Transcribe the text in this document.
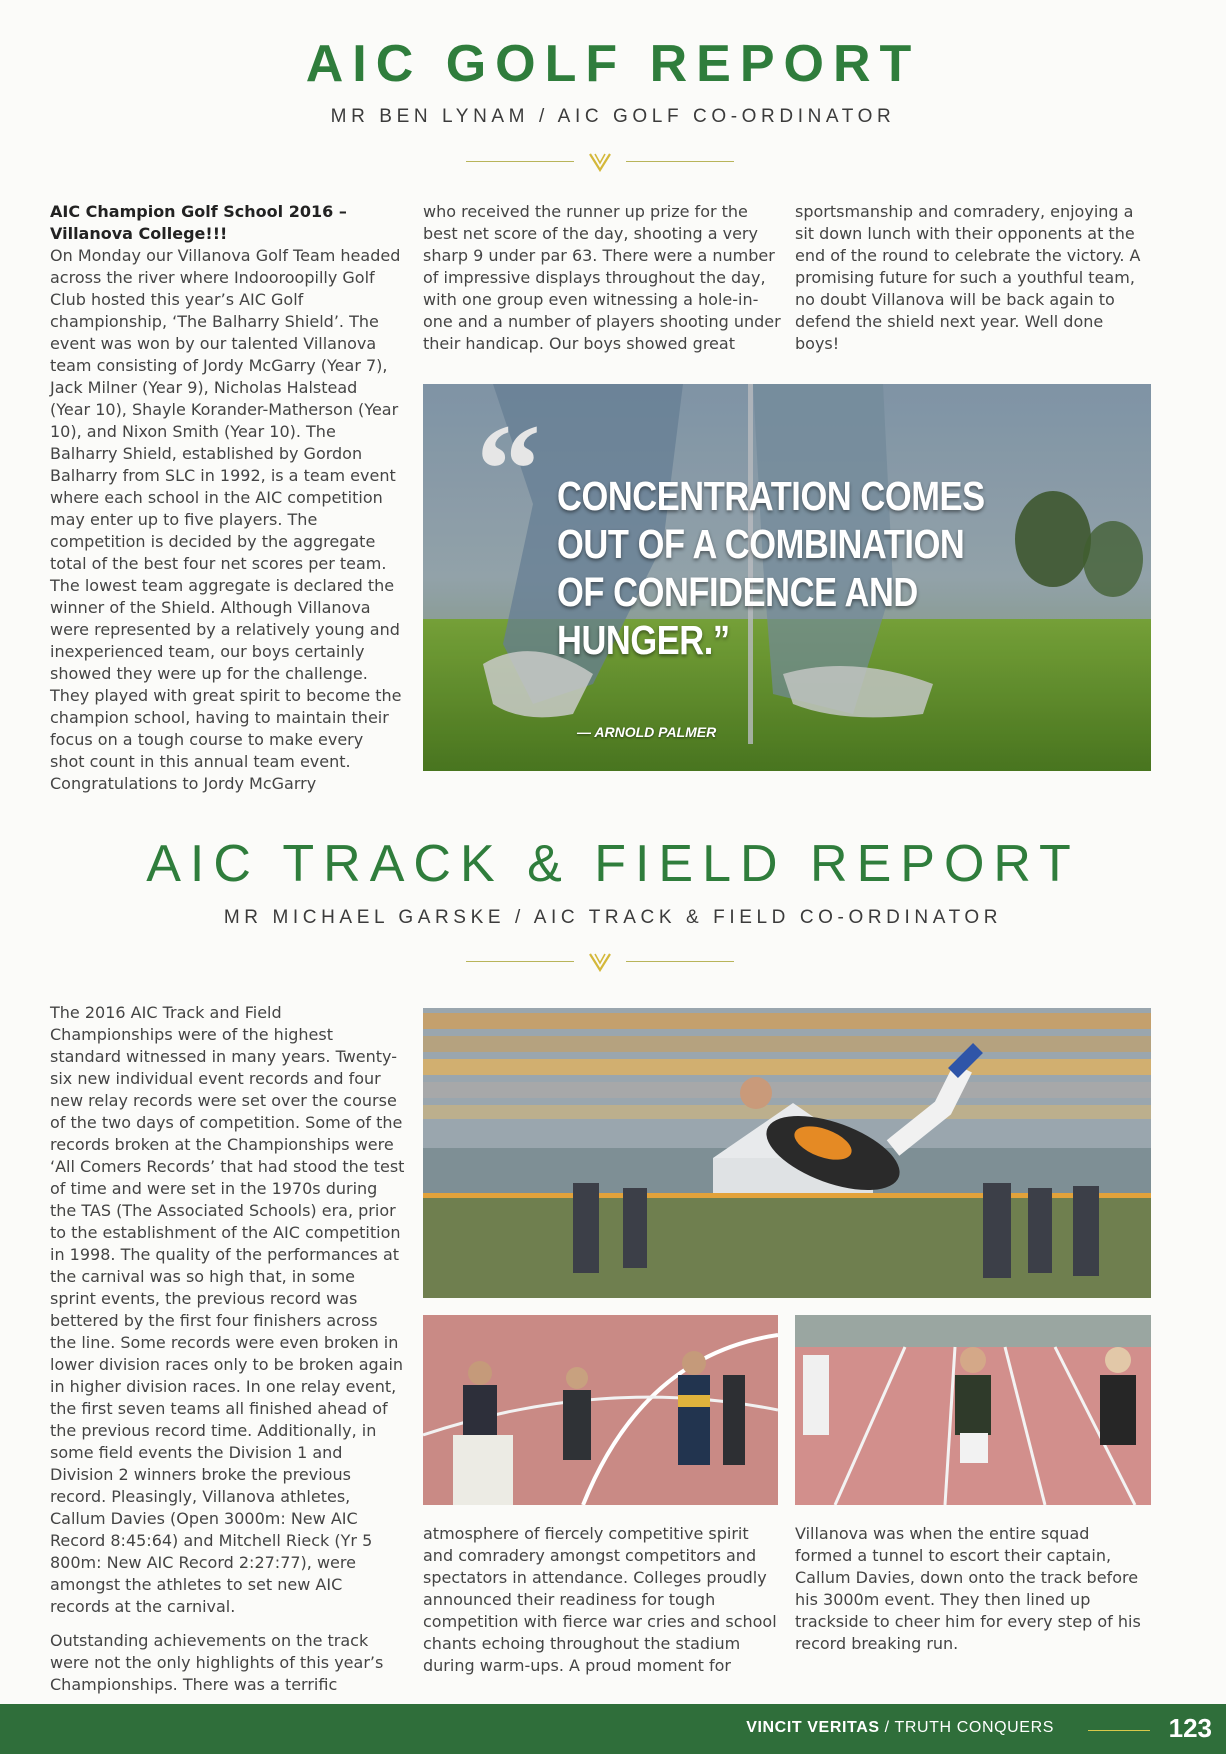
AIC GOLF REPORT

MR BEN LYNAM / AIC GOLF CO-ORDINATOR

AIC Champion Golf School 2016 – Villanova College!!!

On Monday our Villanova Golf Team headed across the river where Indooroopilly Golf Club hosted this year’s AIC Golf championship, ‘The Balharry Shield’. The event was won by our talented Villanova team consisting of Jordy McGarry (Year 7), Jack Milner (Year 9), Nicholas Halstead (Year 10), Shayle Korander-Matherson (Year 10), and Nixon Smith (Year 10). The Balharry Shield, established by Gordon Balharry from SLC in 1992, is a team event where each school in the AIC competition may enter up to five players. The competition is decided by the aggregate total of the best four net scores per team. The lowest team aggregate is declared the winner of the Shield. Although Villanova were represented by a relatively young and inexperienced team, our boys certainly showed they were up for the challenge. They played with great spirit to become the champion school, having to maintain their focus on a tough course to make every shot count in this annual team event. Congratulations to Jordy McGarry

who received the runner up prize for the best net score of the day, shooting a very sharp 9 under par 63. There were a number of impressive displays throughout the day, with one group even witnessing a hole-in-one and a number of players shooting under their handicap. Our boys showed great

sportsmanship and comradery, enjoying a sit down lunch with their opponents at the end of the round to celebrate the victory. A promising future for such a youthful team, no doubt Villanova will be back again to defend the shield next year. Well done boys!

“ CONCENTRATION COMES OUT OF A COMBINATION OF CONFIDENCE AND HUNGER.”
— ARNOLD PALMER
AIC TRACK & FIELD REPORT

MR MICHAEL GARSKE / AIC TRACK & FIELD CO-ORDINATOR

The 2016 AIC Track and Field Championships were of the highest standard witnessed in many years. Twenty-six new individual event records and four new relay records were set over the course of the two days of competition. Some of the records broken at the Championships were ‘All Comers Records’ that had stood the test of time and were set in the 1970s during the TAS (The Associated Schools) era, prior to the establishment of the AIC competition in 1998. The quality of the performances at the carnival was so high that, in some sprint events, the previous record was bettered by the first four finishers across the line. Some records were even broken in lower division races only to be broken again in higher division races. In one relay event, the first seven teams all finished ahead of the previous record time. Additionally, in some field events the Division 1 and Division 2 winners broke the previous record. Pleasingly, Villanova athletes, Callum Davies (Open 3000m: New AIC Record 8:45:64) and Mitchell Rieck (Yr 5 800m: New AIC Record 2:27:77), were amongst the athletes to set new AIC records at the carnival.

Outstanding achievements on the track were not the only highlights of this year’s Championships. There was a terrific

atmosphere of fiercely competitive spirit and comradery amongst competitors and spectators in attendance. Colleges proudly announced their readiness for tough competition with fierce war cries and school chants echoing throughout the stadium during warm-ups. A proud moment for

Villanova was when the entire squad formed a tunnel to escort their captain, Callum Davies, down onto the track before his 3000m event. They then lined up trackside to cheer him for every step of his record breaking run.

VINCIT VERITAS / TRUTH CONQUERS	123
